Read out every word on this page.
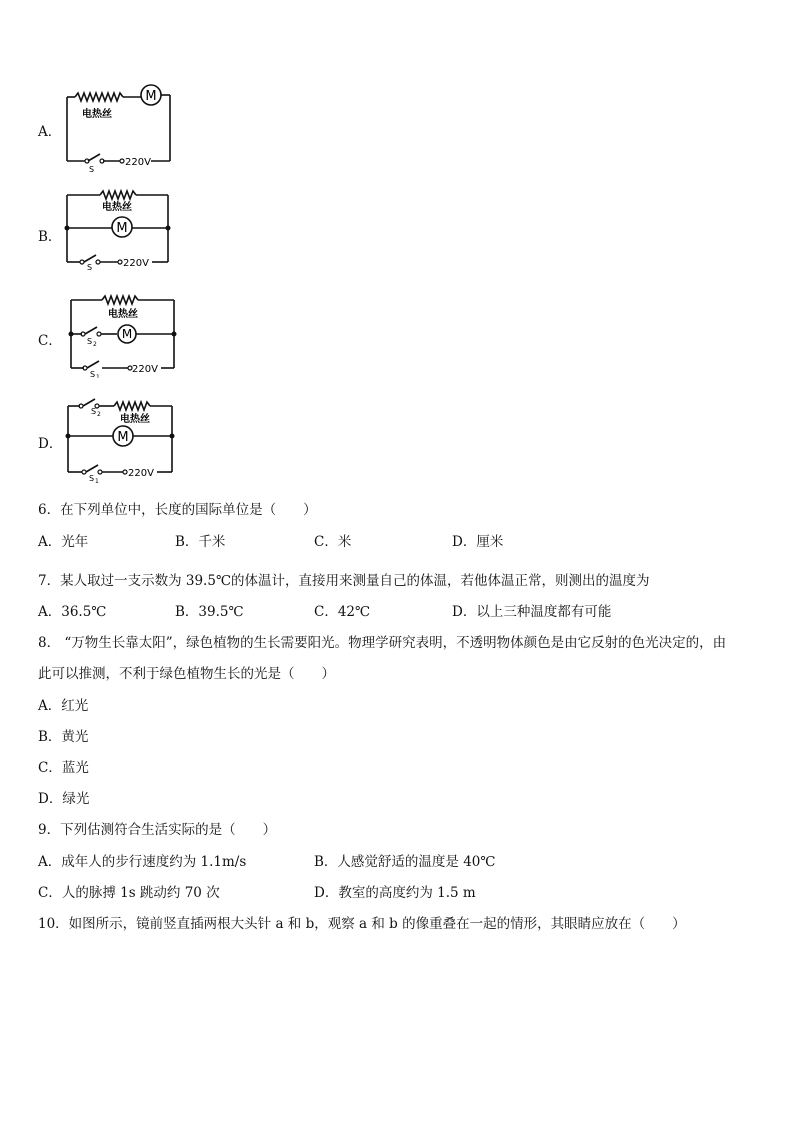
A．
M
电热丝
S
220V
B．
M
电热丝
S	220V
C．	M
电热丝
S 2
S 1
220V
D．	M
电热丝
S 2
S 1
220V
6．在下列单位中，长度的国际单位是（　　）
A．光年	B．千米	C．米	D．厘米
7．某人取过一支示数为 39.5℃的体温计，直接用来测量自己的体温，若他体温正常，则测出的温度为
A．36.5℃	B．39.5℃	C．42℃	D．以上三种温度都有可能
8． “万物生长靠太阳”，绿色植物的生长需要阳光。物理学研究表明，不透明物体颜色是由它反射的色光决定的，由
此可以推测，不利于绿色植物生长的光是（　　）
A．红光
B．黄光
C．蓝光
D．绿光
9．下列估测符合生活实际的是（　　）
A．成年人的步行速度约为 1.1m/s	B．人感觉舒适的温度是 40℃
C．人的脉搏 1s 跳动约 70 次	D．教室的高度约为 1.5 m
10．如图所示，镜前竖直插两根大头针 a 和 b，观察 a 和 b 的像重叠在一起的情形，其眼睛应放在（　　）
